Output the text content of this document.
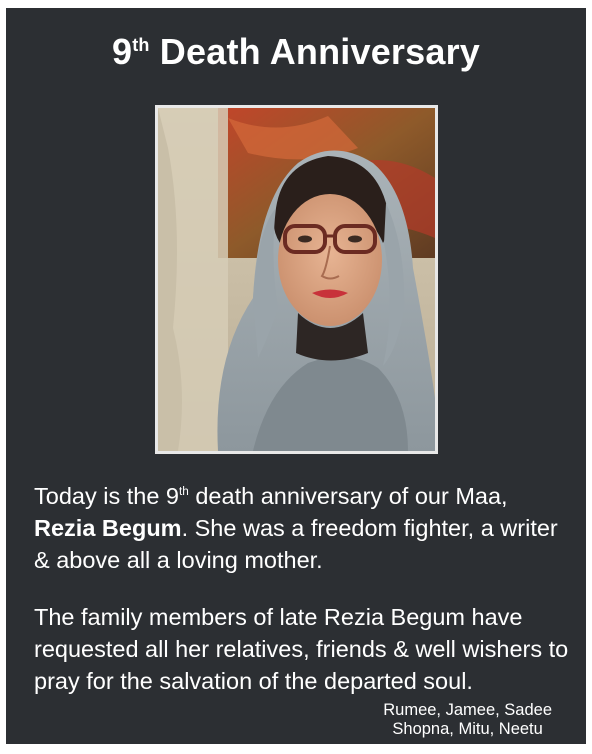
9th Death Anniversary
Today is the 9th death anniversary of our Maa, Rezia Begum. She was a freedom fighter, a writer & above all a loving mother.
The family members of late Rezia Begum have requested all her relatives, friends & well wishers to pray for the salvation of the departed soul.
Rumee, Jamee, Sadee
Shopna, Mitu, Neetu
